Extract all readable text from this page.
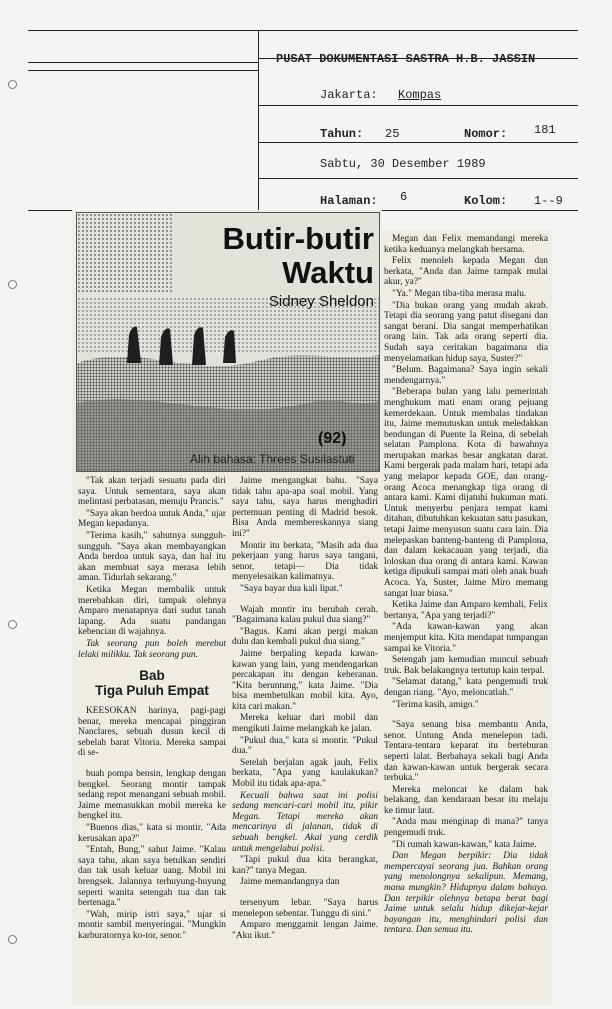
PUSAT DOKUMENTASI SASTRA H.B. JASSIN
Jakarta: Kompas
Tahun: 25	Nomor: 181
Sabtu, 30 Desember 1989
Halaman: 6	Kolom: 1--9
Butir-butir
Waktu
Sidney Sheldon
(92)
Alih bahasa: Threes Susilastuti

"Tak akan terjadi sesuatu pada diri saya. Untuk sementara, saya akan melintasi perbatasan, menuju Prancis."

"Saya akan berdoa untuk Anda," ujar Megan kepadanya.

"Terima kasih," sahutnya sungguh-sungguh. "Saya akan membayangkan Anda berdoa untuk saya, dan hal itu akan membuat saya merasa lebih aman. Tidurlah sekarang."

Ketika Megan membalik untuk merebahkan diri, tampak olehnya Amparo menatapnya dari sudut tanah lapang. Ada suatu pandangan kebencian di wajahnya.

Tak seorang pun boleh merebut lelaki milikku. Tak seorang pun.

Bab
Tiga Puluh Empat

KEESOKAN harinya, pagi-pagi benar, mereka mencapai pinggiran Nanclares, sebuah dusun kecil di sebelah barat Vitoria. Mereka sampai di se-

buah pompa bensin, lengkap dengan bengkel. Seorang montir tampak sedang repot menangani sebuah mobil. Jaime memasukkan mobil mereka ke bengkel itu.

"Buenos dias," kata si montir. "Ada kerusakan apa?"

"Entah, Bung," sahut Jaime. "Kalau saya tahu, akan saya betulkan sendiri dan tak usah keluar uang. Mobil ini brengsek. Jalannya terhuyung-huyung seperti wanita setengah tua dan tak bertenaga."

"Wah, mirip istri saya," ujar si montir sambil menyeringai. "Mungkin karburatornya ko-tor, senor."

Jaime mengangkat bahu. "Saya tidak tahu apa-apa soal mobil. Yang saya tahu, saya harus menghadiri pertemuan penting di Madrid besok. Bisa Anda membereskannya siang ini?"

Montir itu berkata, "Masih ada dua pekerjaan yang harus saya tangani, senor, tetapi— Dia tidak menyelesaikan kalimatnya.

"Saya bayar dua kali lipat."

Wajah montir itu berubah cerah. "Bagaimana kalau pukul dua siang?"

"Bagus. Kami akan pergi makan dulu dan kembali pukul dua siang."

Jaime berpaling kepada kawan-kawan yang lain, yang mendengarkan percakapan itu dengan keheranan. "Kita beruntung," kata Jaime. "Dia bisa membetulkan mobil kita. Ayo, kita cari makan."

Mereka keluar dari mobil dan mengikuti Jaime melangkah ke jalan.

"Pukul dua," kata si montir. "Pukul dua."

Setelah berjalan agak jauh, Felix berkata, "Apa yang kaulakukan? Mobil itu tidak apa-apa."

Kecuali bahwa saat ini polisi sedang mencari-cari mobil itu, pikir Megan. Tetapi mereka akan mencarinya di jalanan, tidak di sebuah bengkel. Akal yang cerdik untuk mengelabui polisi.

"Tapi pukul dua kita berangkat, kan?" tanya Megan.

Jaime memandangnya dan

tersenyum lebar. "Saya harus menelepon sebentar. Tunggu di sini."

Amparo menggamit lengan Jaime. "Aku ikut."

Megan dan Felix memandangi mereka ketika keduanya melangkah bersama.

Felix menoleh kepada Megan dan berkata, "Anda dan Jaime tampak mulai akur, ya?"

"Ya." Megan tiba-tiba merasa malu.

"Dia bukan orang yang mudah akrab. Tetapi dia seorang yang patut disegani dan sangat berani. Dia sangat memperhatikan orang lain. Tak ada orang seperti dia. Sudah saya ceritakan bagaimana dia menyelamatkan hidup saya, Suster?"

"Belum. Bagaimana? Saya ingin sekali mendengarnya."

"Beberapa bulan yang lalu pemerintah menghukum mati enam orang pejuang kemerdekaan. Untuk membalas tindakan itu, Jaime memutuskan untuk meledakkan bendungan di Puente la Reina, di sebelah selatan Pamplona. Kota di bawahnya merupakan markas besar angkatan darat. Kami bergerak pada malam hari, tetapi ada yang melapor kepada GOE, dan orang-orang Acoca menangkap tiga orang di antara kami. Kami dijatuhi hukuman mati. Untuk menyerbu penjara tempat kami ditahan, dibutuhkan kekuatan satu pasukan, tetapi Jaime menyusun suatu cara lain. Dia melepaskan banteng-banteng di Pamplona, dan dalam kekacauan yang terjadi, dia loloskan dua orang di antara kami. Kawan ketiga dipukuli sampai mati oleh anak buah Acoca. Ya, Suster, Jaime Miro memang sangat luar biasa."

Ketika Jaime dan Amparo kembali, Felix bertanya, "Apa yang terjadi?"

"Ada kawan-kawan yang akan menjemput kita. Kita mendapat tumpangan sampai ke Vitoria."

Setengah jam kemudian muncul sebuah truk. Bak belakangnya tertutup kain terpal.

"Selamat datang," kata pengemudi truk dengan riang. "Ayo, meloncatlah."

"Terima kasih, amigo."

"Saya senang bisa membantu Anda, senor. Untung Anda menelepon tadi. Tentara-tentara keparat itu berteburan seperti lalat. Berbahaya sekali bagi Anda dan kawan-kawan untuk bergerak secara terbuka."

Mereka meloncat ke dalam bak belakang, dan kendaraan besar itu melaju ke timur laut.

"Anda mau menginap di mana?" tanya pengemudi truk.

"Di rumah kawan-kawan," kata Jaime.

Dan Megan berpikir: Dia tidak mempercayai seorang jua. Bahkan orang yang menolongnya sekalipun. Memang, mana mungkin? Hidupnya dalam bahaya. Dan terpikir olehnya betapa berat bagi Jaime untuk selalu hidup dikejar-kejar bayangan itu, menghindari polisi dan tentara. Dan semua itu.
